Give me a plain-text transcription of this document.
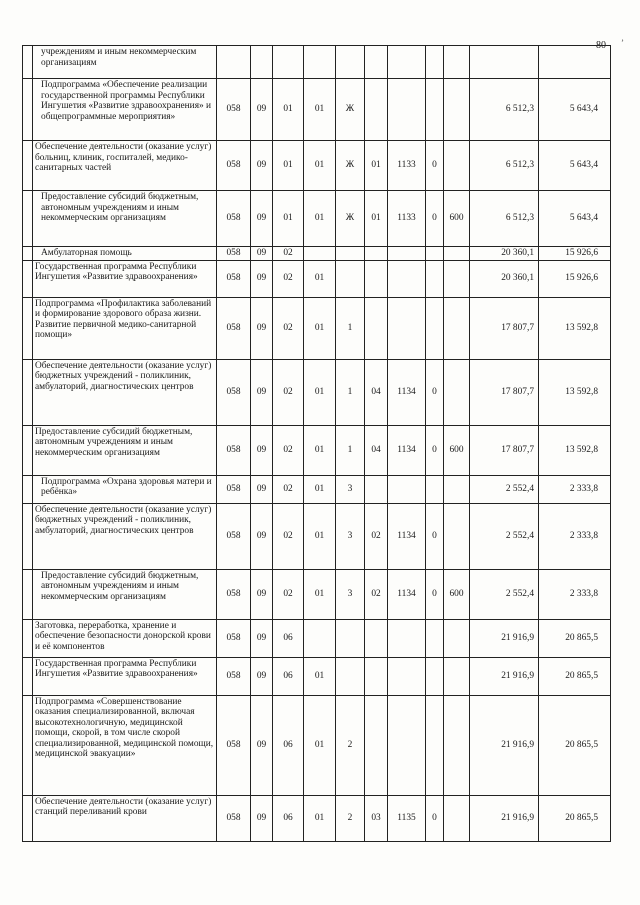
80 ʼ
	учреждениям и иным некоммерческим организациям											
	Подпрограмма «Обеспечение реализации государственной программы Республики Ингушетия «Развитие здравоохранения» и общепрограммные мероприятия»	058	09	01	01	Ж					6 512,3	5 643,4
	Обеспечение деятельности (оказание услуг) больниц, клиник, госпиталей, медико-санитарных частей	058	09	01	01	Ж	01	1133	0		6 512,3	5 643,4
	Предоставление субсидий бюджетным, автономным учреждениям и иным некоммерческим организациям	058	09	01	01	Ж	01	1133	0	600	6 512,3	5 643,4
	Амбулаторная помощь	058	09	02							20 360,1	15 926,6
	Государственная программа Республики Ингушетия «Развитие здравоохранения»	058	09	02	01						20 360,1	15 926,6
	Подпрограмма «Профилактика заболеваний и формирование здорового образа жизни. Развитие первичной медико-санитарной помощи»	058	09	02	01	1					17 807,7	13 592,8
	Обеспечение деятельности (оказание услуг) бюджетных учреждений - поликлиник, амбулаторий, диагностических центров	058	09	02	01	1	04	1134	0		17 807,7	13 592,8
	Предоставление субсидий бюджетным, автономным учреждениям и иным некоммерческим организациям	058	09	02	01	1	04	1134	0	600	17 807,7	13 592,8
	Подпрограмма «Охрана здоровья матери и ребёнка»	058	09	02	01	3					2 552,4	2 333,8
	Обеспечение деятельности (оказание услуг) бюджетных учреждений - поликлиник, амбулаторий, диагностических центров	058	09	02	01	3	02	1134	0		2 552,4	2 333,8
	Предоставление субсидий бюджетным, автономным учреждениям и иным некоммерческим организациям	058	09	02	01	3	02	1134	0	600	2 552,4	2 333,8
	Заготовка, переработка, хранение и обеспечение безопасности донорской крови и её компонентов	058	09	06							21 916,9	20 865,5
	Государственная программа Республики Ингушетия «Развитие здравоохранения»	058	09	06	01						21 916,9	20 865,5
	Подпрограмма «Совершенствование оказания специализированной, включая высокотехнологичную, медицинской помощи, скорой, в том числе скорой специализированной, медицинской помощи, медицинской эвакуации»	058	09	06	01	2					21 916,9	20 865,5
	Обеспечение деятельности (оказание услуг) станций переливаний крови	058	09	06	01	2	03	1135	0		21 916,9	20 865,5
